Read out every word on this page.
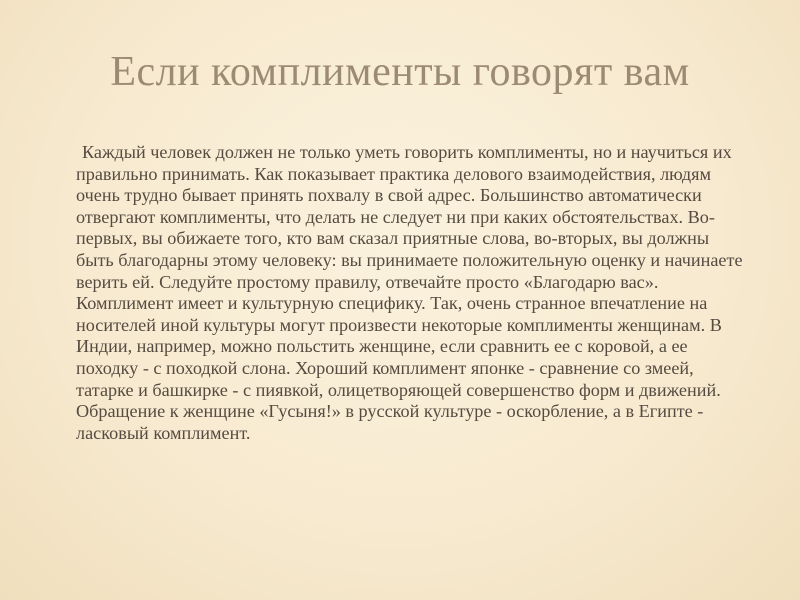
Если комплименты говорят вам

Каждый человек должен не только уметь говорить комплименты, но и научиться их правильно принимать. Как показывает практика делового взаимодействия, людям очень трудно бывает принять похвалу в свой адрес. Большинство автоматически отвергают комплименты, что делать не следует ни при каких обстоятельствах. Во-первых, вы обижаете того, кто вам сказал приятные слова, во-вторых, вы должны быть благодарны этому человеку: вы принимаете положительную оценку и начинаете верить ей. Следуйте простому правилу, отвечайте просто «Благодарю вас». Комплимент имеет и культурную специфику. Так, очень странное впечатление на носителей иной культуры могут произвести некоторые комплименты женщинам. В Индии, например, можно польстить женщине, если сравнить ее с коровой, а ее походку - с походкой слона. Хороший комплимент японке - сравнение со змеей, татарке и башкирке - с пиявкой, олицетворяющей совершенство форм и движений. Обращение к женщине «Гусыня!» в русской культуре - оскорбление, а в Египте - ласковый комплимент.
